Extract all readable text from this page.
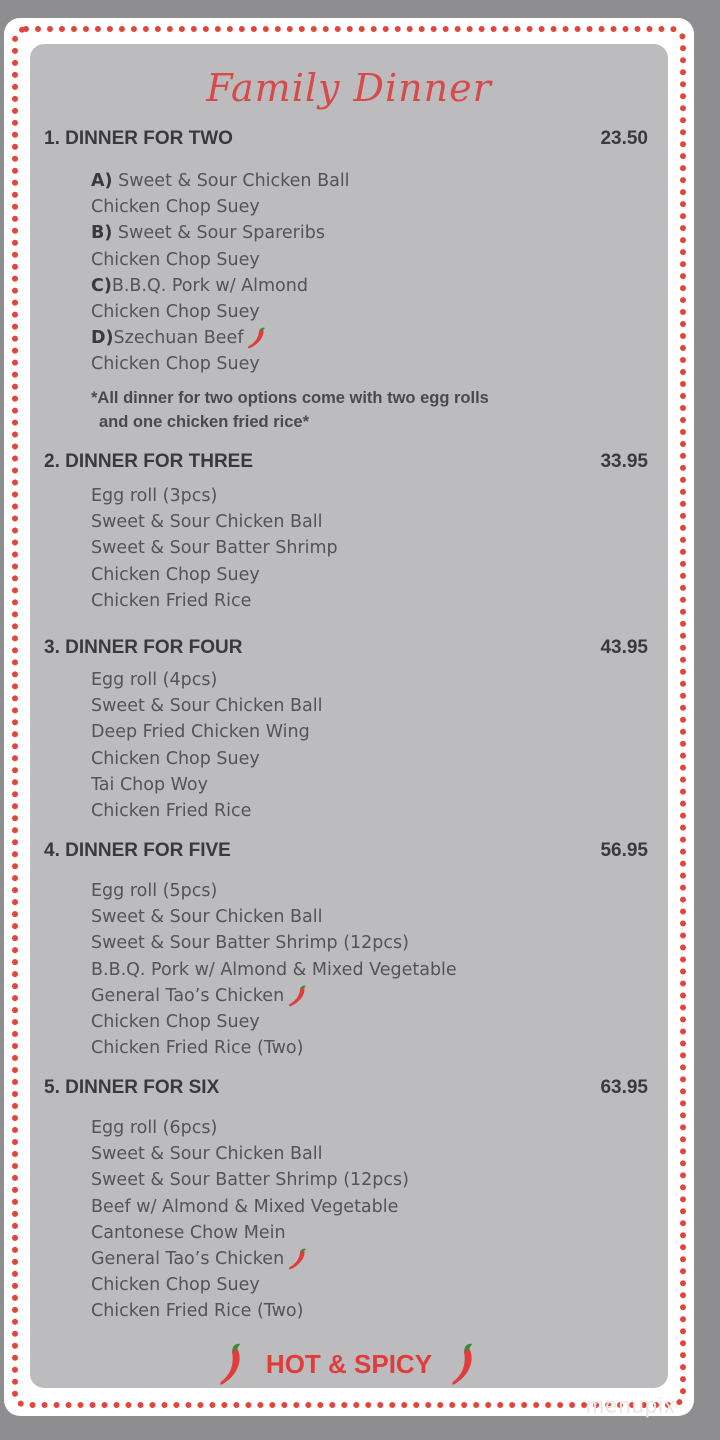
Family Dinner
1. DINNER FOR TWO	23.50
A) Sweet & Sour Chicken Ball
Chicken Chop Suey
B) Sweet & Sour Spareribs
Chicken Chop Suey
C)B.B.Q. Pork w/ Almond
Chicken Chop Suey
D)Szechuan Beef
Chicken Chop Suey
*All dinner for two options come with two egg rolls
and one chicken fried rice*
2. DINNER FOR THREE	33.95
Egg roll (3pcs)
Sweet & Sour Chicken Ball
Sweet & Sour Batter Shrimp
Chicken Chop Suey
Chicken Fried Rice
3. DINNER FOR FOUR	43.95
Egg roll (4pcs)
Sweet & Sour Chicken Ball
Deep Fried Chicken Wing
Chicken Chop Suey
Tai Chop Woy
Chicken Fried Rice
4. DINNER FOR FIVE	56.95
Egg roll (5pcs)
Sweet & Sour Chicken Ball
Sweet & Sour Batter Shrimp (12pcs)
B.B.Q. Pork w/ Almond & Mixed Vegetable
General Tao’s Chicken
Chicken Chop Suey
Chicken Fried Rice (Two)
5. DINNER FOR SIX	63.95
Egg roll (6pcs)
Sweet & Sour Chicken Ball
Sweet & Sour Batter Shrimp (12pcs)
Beef w/ Almond & Mixed Vegetable
Cantonese Chow Mein
General Tao’s Chicken
Chicken Chop Suey
Chicken Fried Rice (Two)
HOT & SPICY
menupix
